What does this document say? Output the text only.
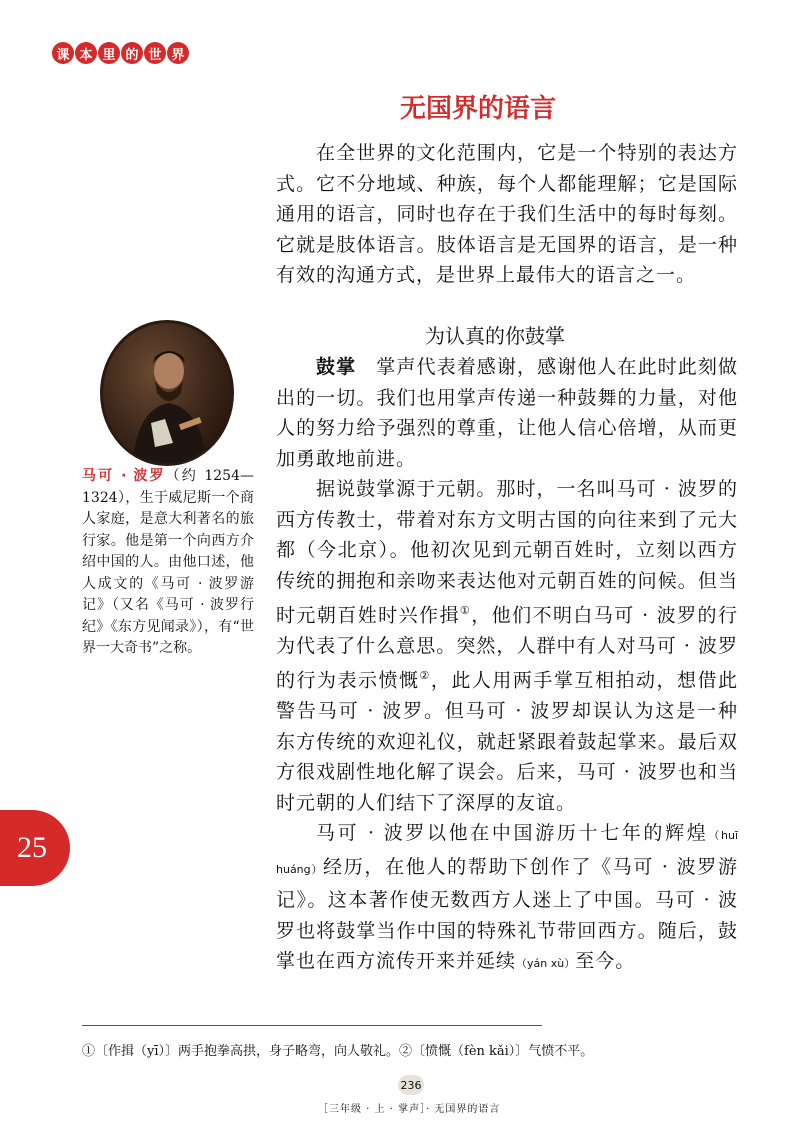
课 本 里 的 世 界
无国界的语言
在全世界的文化范围内，它是一个特别的表达方式。它不分地域、种族，每个人都能理解；它是国际通用的语言，同时也存在于我们生活中的每时每刻。它就是肢体语言。肢体语言是无国界的语言，是一种有效的沟通方式，是世界上最伟大的语言之一。
为认真的你鼓掌

鼓掌  掌声代表着感谢，感谢他人在此时此刻做出的一切。我们也用掌声传递一种鼓舞的力量，对他人的努力给予强烈的尊重，让他人信心倍增，从而更加勇敢地前进。

据说鼓掌源于元朝。那时，一名叫马可 · 波罗的西方传教士，带着对东方文明古国的向往来到了元大都（今北京）。他初次见到元朝百姓时，立刻以西方传统的拥抱和亲吻来表达他对元朝百姓的问候。但当时元朝百姓时兴作揖①，他们不明白马可 · 波罗的行为代表了什么意思。突然，人群中有人对马可 · 波罗的行为表示愤慨②，此人用两手掌互相拍动，想借此警告马可 · 波罗。但马可 · 波罗却误认为这是一种东方传统的欢迎礼仪，就赶紧跟着鼓起掌来。最后双方很戏剧性地化解了误会。后来，马可 · 波罗也和当时元朝的人们结下了深厚的友谊。

马可 · 波罗以他在中国游历十七年的辉煌（huī huáng）经历，在他人的帮助下创作了《马可 · 波罗游记》。这本著作使无数西方人迷上了中国。马可 · 波罗也将鼓掌当作中国的特殊礼节带回西方。随后，鼓掌也在西方流传开来并延续（yán xù）至今。

马可 · 波罗（约 1254—1324），生于威尼斯一个商人家庭，是意大利著名的旅行家。他是第一个向西方介绍中国的人。由他口述，他人成文的《马可 · 波罗游记》（又名《马可 · 波罗行纪》《东方见闻录》），有“世界一大奇书”之称。
25
①〔作揖（yī）〕两手抱拳高拱，身子略弯，向人敬礼。②〔愤慨（fèn kǎi）〕气愤不平。
236
［三年级 · 上 · 掌声］· 无国界的语言
